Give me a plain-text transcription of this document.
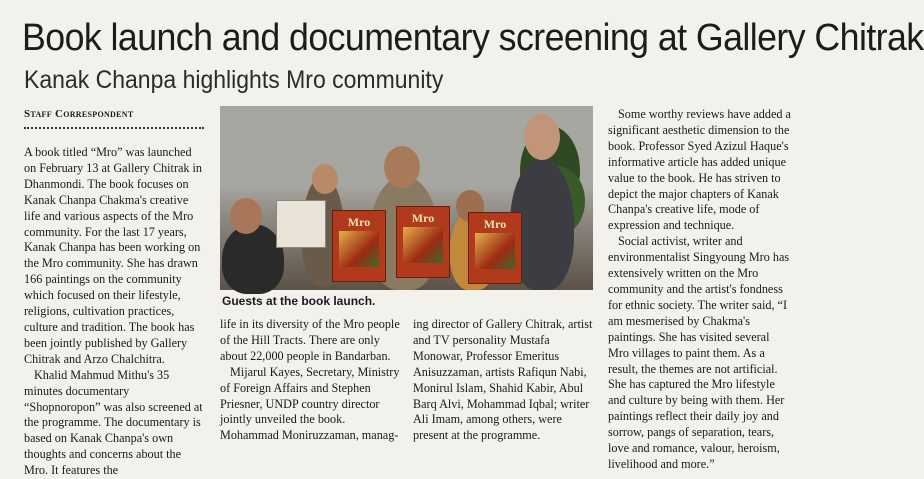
Book launch and documentary screening at Gallery Chitrak
Kanak Chanpa highlights Mro community
Staff Correspondent

A book titled “Mro” was launched on February 13 at Gallery Chitrak in Dhanmondi. The book focuses on Kanak Chanpa Chakma's creative life and various aspects of the Mro community. For the last 17 years, Kanak Chanpa has been working on the Mro community. She has drawn 166 paintings on the community which focused on their lifestyle, religions, cultivation practices, culture and tradition. The book has been jointly published by Gallery Chitrak and Arzo Chalchitra.

Khalid Mahmud Mithu's 35 minutes documentary “Shopnoropon” was also screened at the programme. The documentary is based on Kanak Chanpa's own thoughts and concerns about the Mro. It features the

Mro	Mro	Mro
Guests at the book launch.

life in its diversity of the Mro people of the Hill Tracts. There are only about 22,000 people in Bandarban.

Mijarul Kayes, Secretary, Ministry of Foreign Affairs and Stephen Priesner, UNDP country director jointly unveiled the book. Mohammad Moniruzzaman, manag-

ing director of Gallery Chitrak, artist and TV personality Mustafa Monowar, Professor Emeritus Anisuzzaman, artists Rafiqun Nabi, Monirul Islam, Shahid Kabir, Abul Barq Alvi, Mohammad Iqbal; writer Ali Imam, among others, were present at the programme.

Some worthy reviews have added a significant aesthetic dimension to the book. Professor Syed Azizul Haque's informative article has added unique value to the book. He has striven to depict the major chapters of Kanak Chanpa's creative life, mode of expression and technique.

Social activist, writer and environmentalist Singyoung Mro has extensively written on the Mro community and the artist's fondness for ethnic society. The writer said, “I am mesmerised by Chakma's paintings. She has visited several Mro villages to paint them. As a result, the themes are not artificial. She has captured the Mro lifestyle and culture by being with them. Her paintings reflect their daily joy and sorrow, pangs of separation, tears, love and romance, valour, heroism, livelihood and more.”
